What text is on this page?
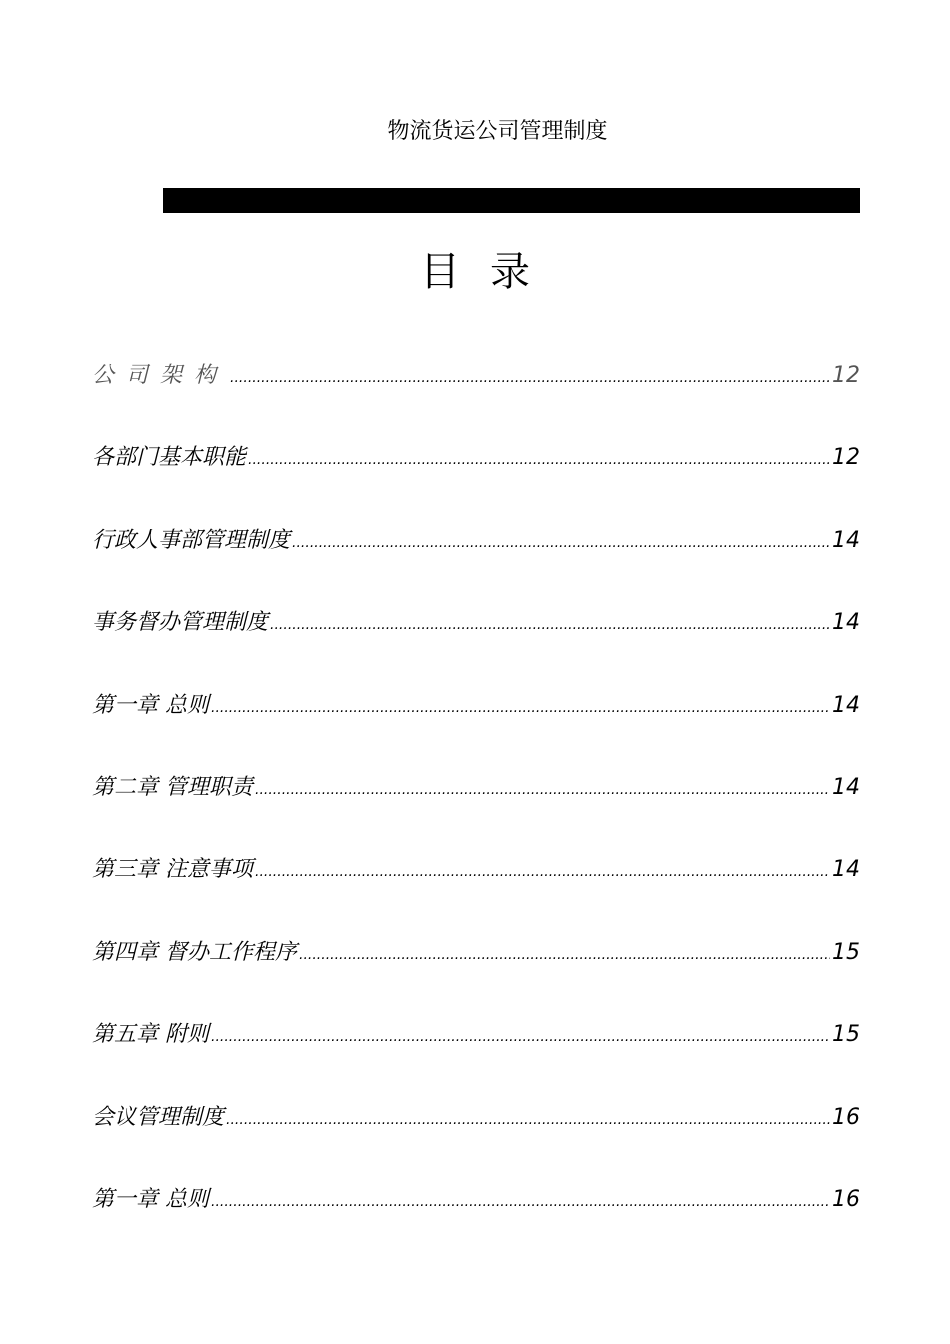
物流货运公司管理制度
目录
公司架构 .....	12
各部门基本职能 .....	12
行政人事部管理制度 .....	14
事务督办管理制度 .....	14
第一章 总则 .....	14
第二章 管理职责 .....	14
第三章 注意事项 .....	14
第四章 督办工作程序 .....	15
第五章 附则 .....	15
会议管理制度 .....	16
第一章 总则 .....	16
